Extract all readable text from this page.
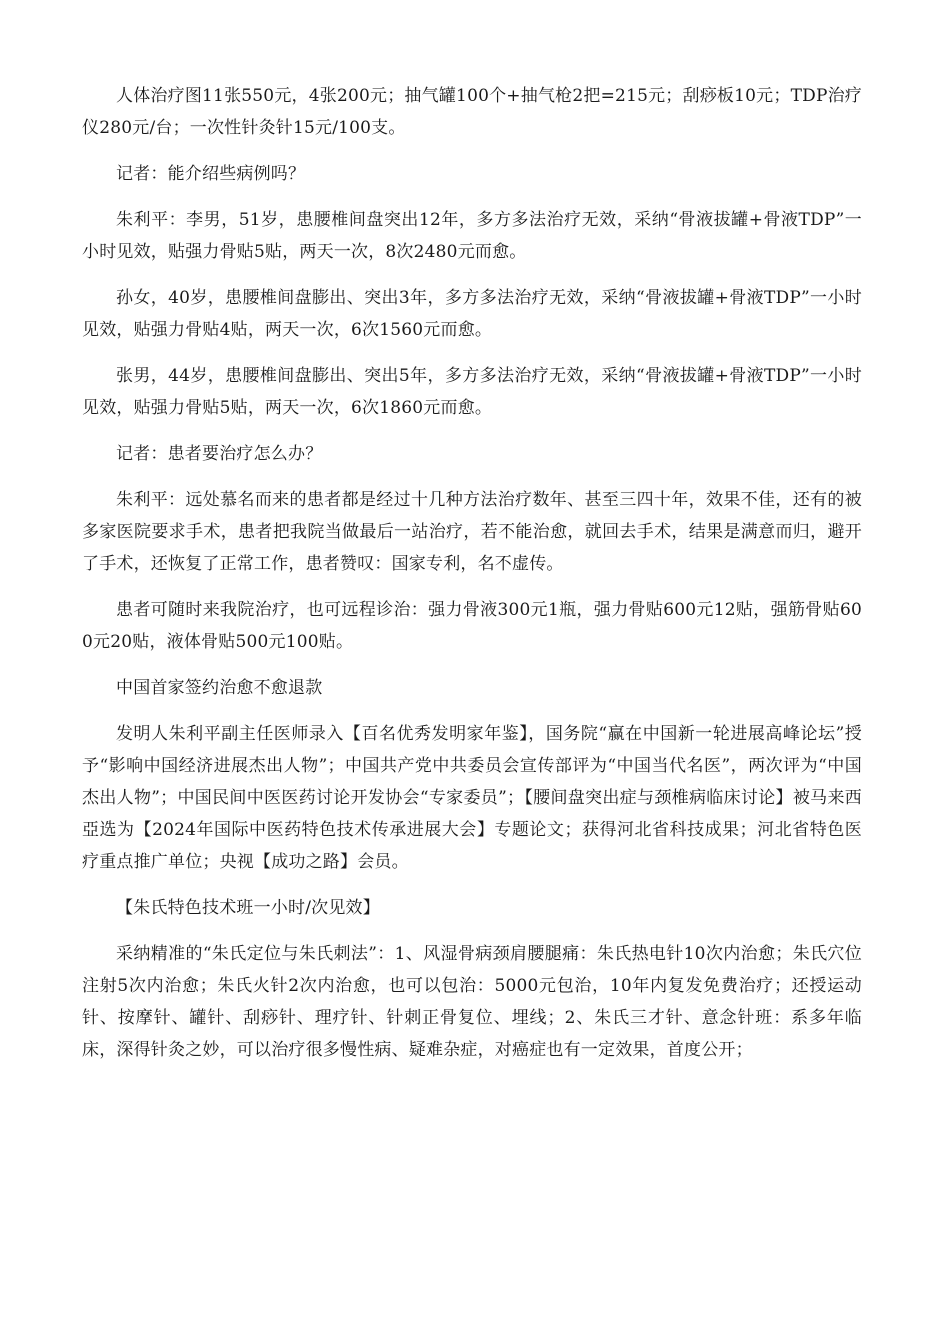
人体治疗图11张550元，4张200元；抽气罐100个+抽气枪2把=215元；刮痧板10元；TDP治疗仪280元/台；一次性针灸针15元/100支。

记者：能介绍些病例吗？

朱利平：李男，51岁，患腰椎间盘突出12年，多方多法治疗无效，采纳“骨液拔罐+骨液TDP”一小时见效，贴强力骨贴5贴，两天一次，8次2480元而愈。

孙女，40岁，患腰椎间盘膨出、突出3年，多方多法治疗无效，采纳“骨液拔罐+骨液TDP”一小时见效，贴强力骨贴4贴，两天一次，6次1560元而愈。

张男，44岁，患腰椎间盘膨出、突出5年，多方多法治疗无效，采纳“骨液拔罐+骨液TDP”一小时见效，贴强力骨贴5贴，两天一次，6次1860元而愈。

记者：患者要治疗怎么办？

朱利平：远处慕名而来的患者都是经过十几种方法治疗数年、甚至三四十年，效果不佳，还有的被多家医院要求手术，患者把我院当做最后一站治疗，若不能治愈，就回去手术，结果是满意而归，避开了手术，还恢复了正常工作，患者赞叹：国家专利，名不虚传。

患者可随时来我院治疗，也可远程诊治：强力骨液300元1瓶，强力骨贴600元12贴，强筋骨贴600元20贴，液体骨贴500元100贴。

中国首家签约治愈不愈退款

发明人朱利平副主任医师录入【百名优秀发明家年鉴】，国务院“赢在中国新一轮进展高峰论坛”授予“影响中国经济进展杰出人物”；中国共产党中共委员会宣传部评为“中国当代名医”，两次评为“中国杰出人物”；中国民间中医医药讨论开发协会“专家委员”；【腰间盘突出症与颈椎病临床讨论】被马来西亞选为【2024年国际中医药特色技术传承进展大会】专题论文；获得河北省科技成果；河北省特色医疗重点推广单位；央视【成功之路】会员。

【朱氏特色技术班一小时/次见效】

采纳精准的“朱氏定位与朱氏刺法”：1、风湿骨病颈肩腰腿痛：朱氏热电针10次内治愈；朱氏穴位注射5次内治愈；朱氏火针2次内治愈，也可以包治：5000元包治，10年内复发免费治疗；还授运动针、按摩针、罐针、刮痧针、理疗针、针刺正骨复位、埋线；2、朱氏三才针、意念针班：系多年临床，深得针灸之妙，可以治疗很多慢性病、疑难杂症，对癌症也有一定效果，首度公开；
